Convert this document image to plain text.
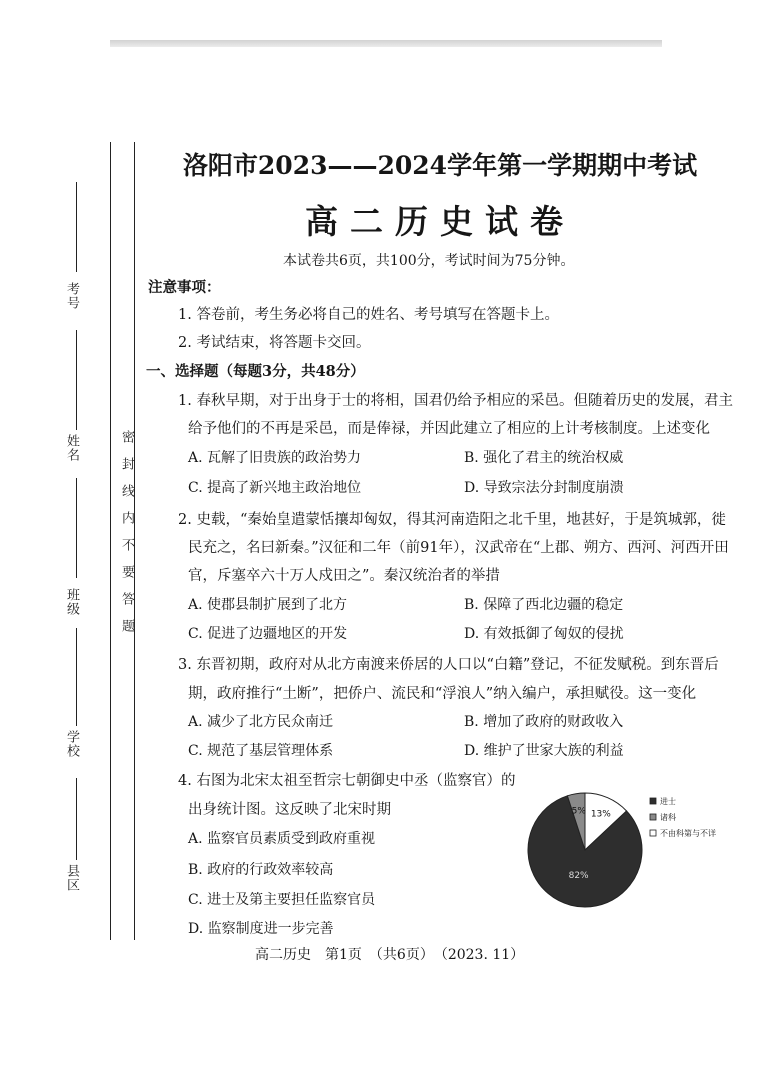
考号
姓名
班级
学校
县区
密封线内不要答题
洛阳市2023——2024学年第一学期期中考试
高二历史试卷
本试卷共6页，共100分，考试时间为75分钟。
注意事项：
1. 答卷前，考生务必将自己的姓名、考号填写在答题卡上。
2. 考试结束，将答题卡交回。
一、选择题（每题3分，共48分）
1. 春秋早期，对于出身于士的将相，国君仍给予相应的采邑。但随着历史的发展，君主
给予他们的不再是采邑，而是俸禄，并因此建立了相应的上计考核制度。上述变化
A. 瓦解了旧贵族的政治势力	B. 强化了君主的统治权威
C. 提高了新兴地主政治地位	D. 导致宗法分封制度崩溃
2. 史载，“秦始皇遣蒙恬攘却匈奴，得其河南造阳之北千里，地甚好，于是筑城郭，徙
民充之，名曰新秦。”汉征和二年（前91年），汉武帝在“上郡、朔方、西河、河西开田
官，斥塞卒六十万人戍田之”。秦汉统治者的举措
A. 使郡县制扩展到了北方	B. 保障了西北边疆的稳定
C. 促进了边疆地区的开发	D. 有效抵御了匈奴的侵扰
3. 东晋初期，政府对从北方南渡来侨居的人口以“白籍”登记，不征发赋税。到东晋后
期，政府推行“土断”，把侨户、流民和“浮浪人”纳入编户，承担赋役。这一变化
A. 减少了北方民众南迁	B. 增加了政府的财政收入
C. 规范了基层管理体系	D. 维护了世家大族的利益
4. 右图为北宋太祖至哲宗七朝御史中丞（监察官）的
出身统计图。这反映了北宋时期
A. 监察官员素质受到政府重视
B. 政府的行政效率较高
C. 进士及第主要担任监察官员
D. 监察制度进一步完善
13%
82%
5%
进士
诸科
不由科第与不详
高二历史　第1页　（共6页）　（2023. 11）
